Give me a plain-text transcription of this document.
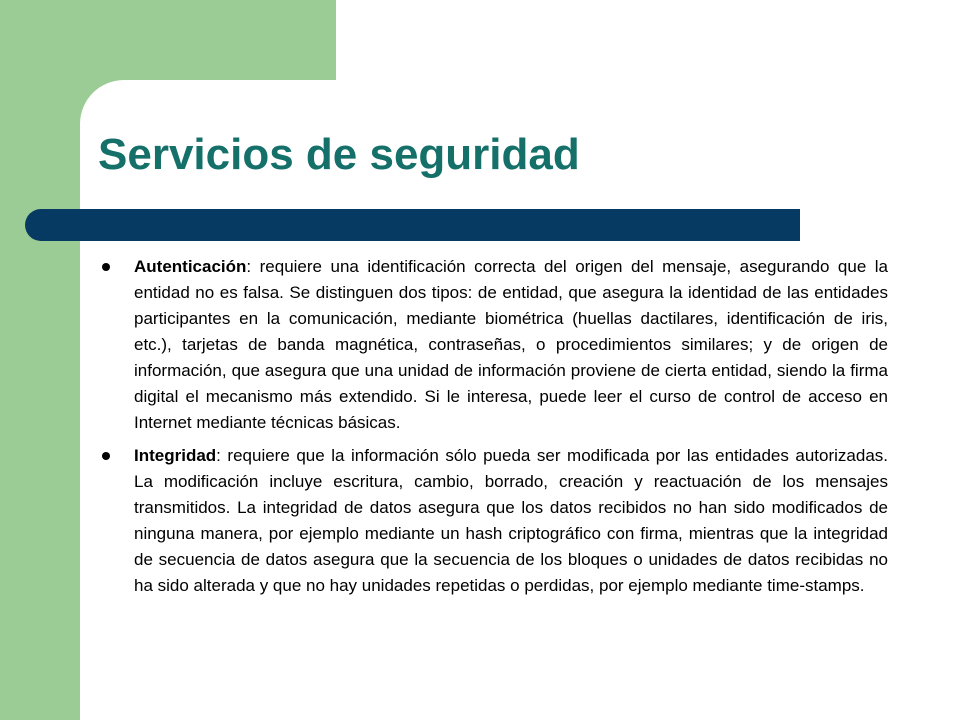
Servicios de seguridad
Autenticación: requiere una identificación correcta del origen del mensaje, asegurando que la entidad no es falsa. Se distinguen dos tipos: de entidad, que asegura la identidad de las entidades participantes en la comunicación, mediante biométrica (huellas dactilares, identificación de iris, etc.), tarjetas de banda magnética, contraseñas, o procedimientos similares; y de origen de información, que asegura que una unidad de información proviene de cierta entidad, siendo la firma digital el mecanismo más extendido. Si le interesa, puede leer el curso de control de acceso en Internet mediante técnicas básicas.
Integridad: requiere que la información sólo pueda ser modificada por las entidades autorizadas. La modificación incluye escritura, cambio, borrado, creación y reactuación de los mensajes transmitidos. La integridad de datos asegura que los datos recibidos no han sido modificados de ninguna manera, por ejemplo mediante un hash criptográfico con firma, mientras que la integridad de secuencia de datos asegura que la secuencia de los bloques o unidades de datos recibidas no ha sido alterada y que no hay unidades repetidas o perdidas, por ejemplo mediante time-stamps.
